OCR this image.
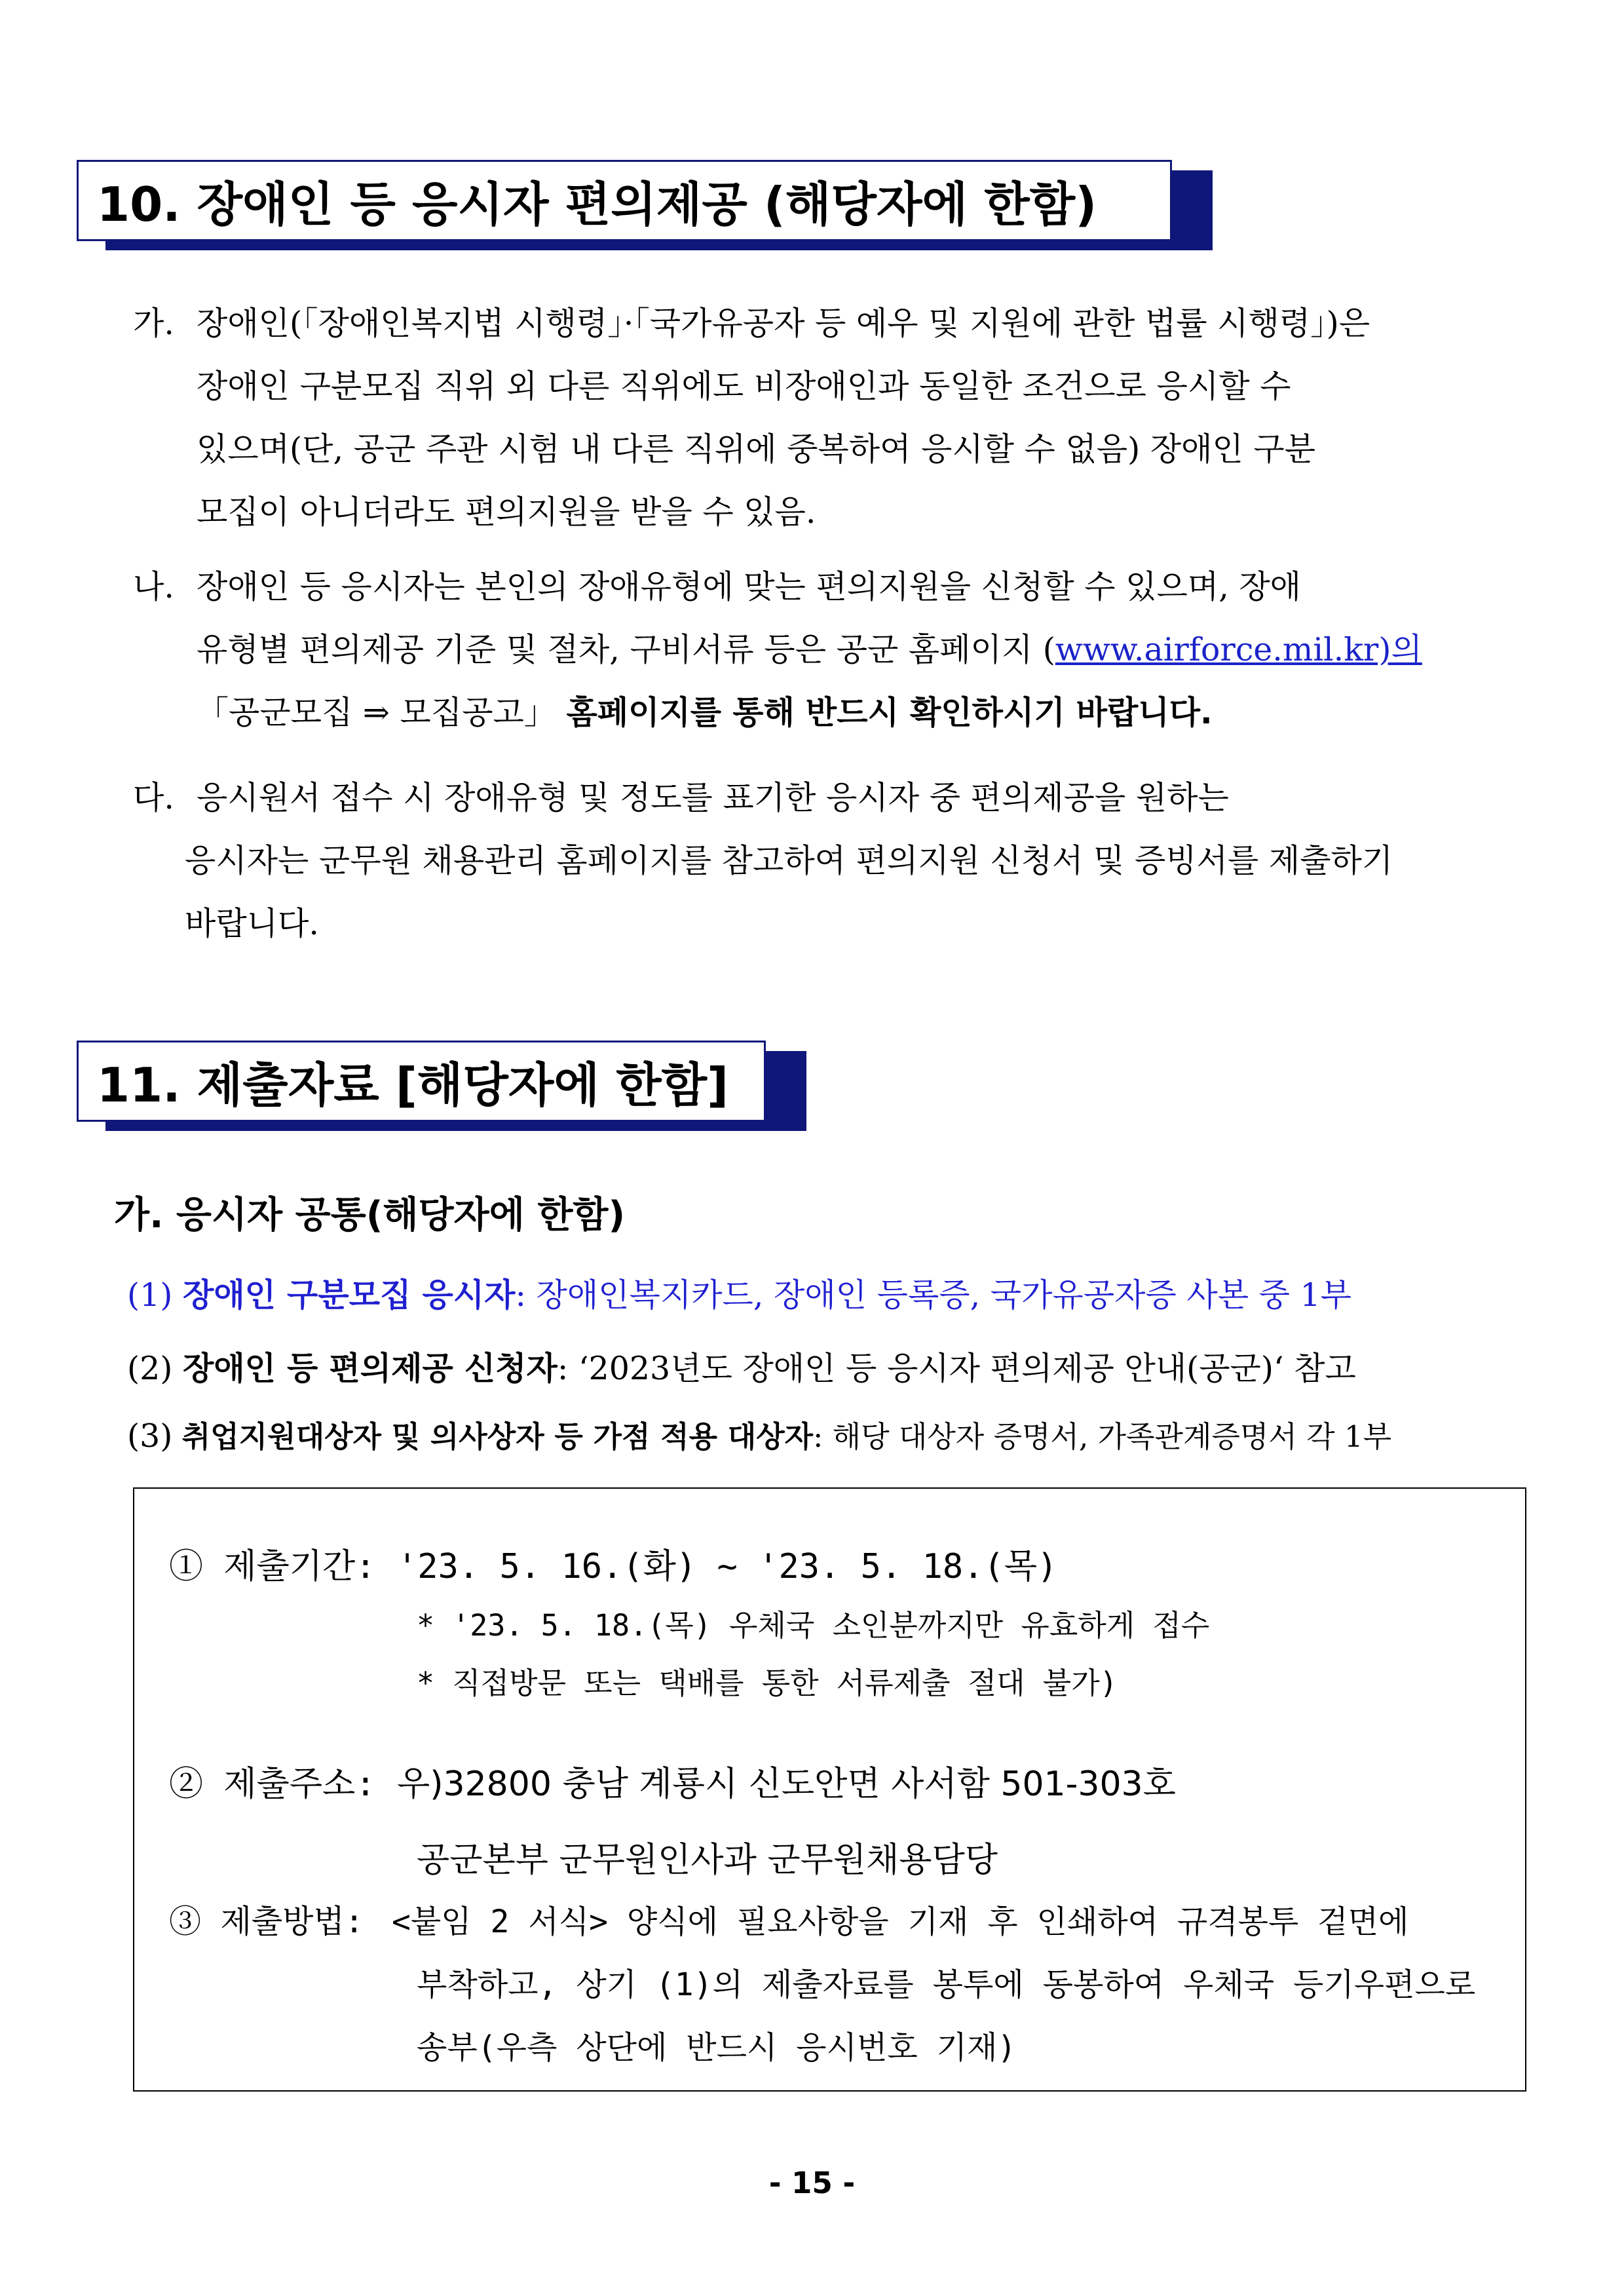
10. 장애인 등 응시자 편의제공 (해당자에 한함)
가. 장애인(「장애인복지법 시행령」·「국가유공자 등 예우 및 지원에 관한 법률 시행령」)은
장애인 구분모집 직위 외 다른 직위에도 비장애인과 동일한 조건으로 응시할 수
있으며(단, 공군 주관 시험 내 다른 직위에 중복하여 응시할 수 없음) 장애인 구분
모집이 아니더라도 편의지원을 받을 수 있음.
나. 장애인 등 응시자는 본인의 장애유형에 맞는 편의지원을 신청할 수 있으며, 장애
유형별 편의제공 기준 및 절차, 구비서류 등은 공군 홈페이지 (www.airforce.mil.kr)의
「공군모집 ⇒ 모집공고」 홈페이지를 통해 반드시 확인하시기 바랍니다.
다. 응시원서 접수 시 장애유형 및 정도를 표기한 응시자 중 편의제공을 원하는
응시자는 군무원 채용관리 홈페이지를 참고하여 편의지원 신청서 및 증빙서를 제출하기
바랍니다.
11. 제출자료 [해당자에 한함]
가. 응시자 공통(해당자에 한함)
(1) 장애인 구분모집 응시자: 장애인복지카드, 장애인 등록증, 국가유공자증 사본 중 1부
(2) 장애인 등 편의제공 신청자: ‘2023년도 장애인 등 응시자 편의제공 안내(공군)‘ 참고
(3) 취업지원대상자 및 의사상자 등 가점 적용 대상자: 해당 대상자 증명서, 가족관계증명서 각 1부
① 제출기간: '23. 5. 16.(화) ~ '23. 5. 18.(목)
* '23. 5. 18.(목) 우체국 소인분까지만 유효하게 접수
* 직접방문 또는 택배를 통한 서류제출 절대 불가)
② 제출주소: 우)32800 충남 계룡시 신도안면 사서함 501-303호
공군본부 군무원인사과 군무원채용담당
③ 제출방법: <붙임 2 서식> 양식에 필요사항을 기재 후 인쇄하여 규격봉투 겉면에
부착하고, 상기 (1)의 제출자료를 봉투에 동봉하여 우체국 등기우편으로
송부(우측 상단에 반드시 응시번호 기재)
- 15 -
